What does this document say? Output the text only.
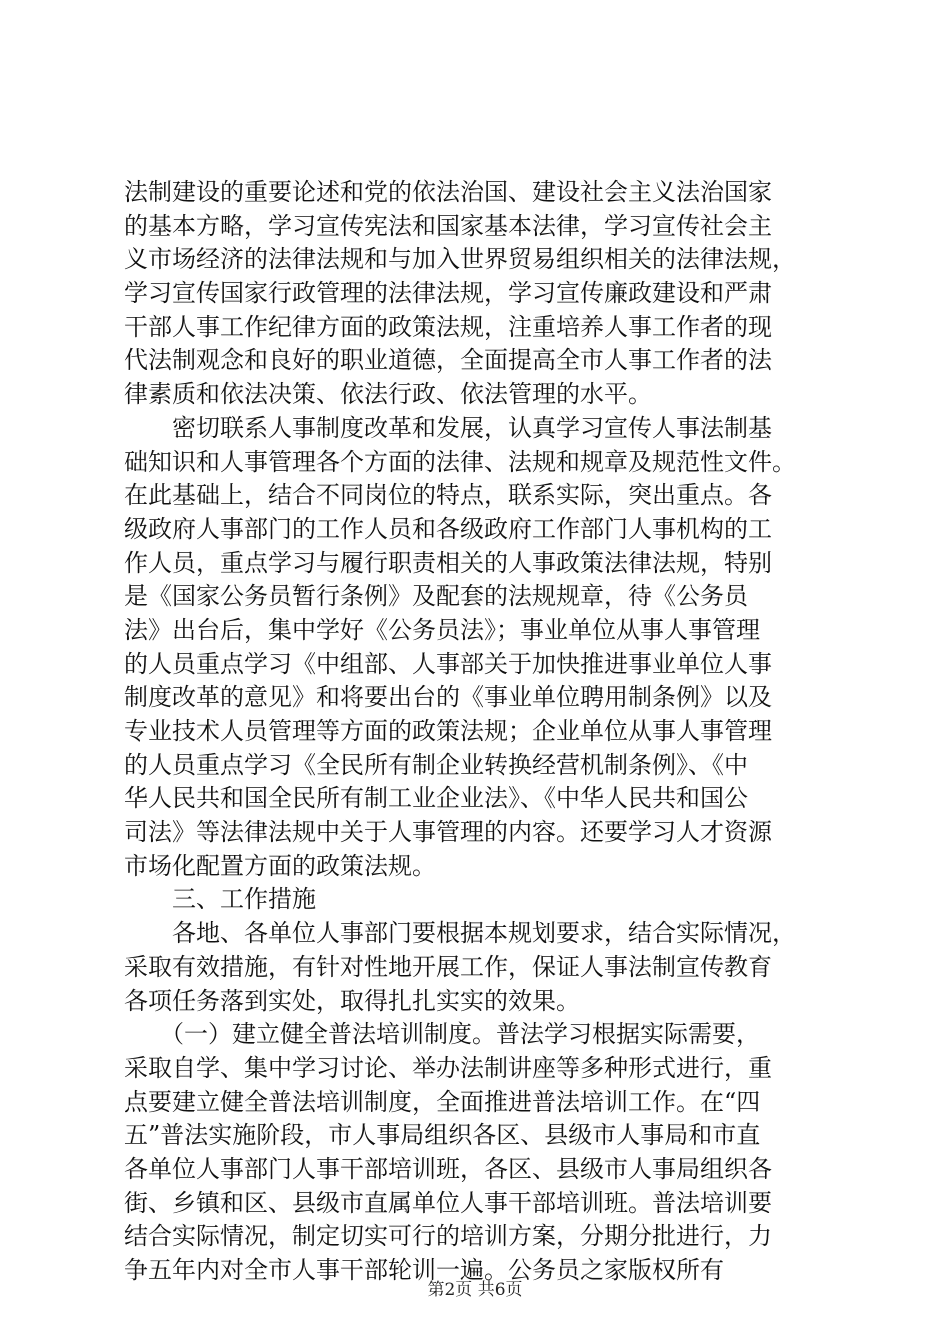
法制建设的重要论述和党的依法治国、建设社会主义法治国家
的基本方略，学习宣传宪法和国家基本法律，学习宣传社会主
义市场经济的法律法规和与加入世界贸易组织相关的法律法规，
学习宣传国家行政管理的法律法规，学习宣传廉政建设和严肃
干部人事工作纪律方面的政策法规，注重培养人事工作者的现
代法制观念和良好的职业道德，全面提高全市人事工作者的法
律素质和依法决策、依法行政、依法管理的水平。
　　密切联系人事制度改革和发展，认真学习宣传人事法制基
础知识和人事管理各个方面的法律、法规和规章及规范性文件。
在此基础上，结合不同岗位的特点，联系实际，突出重点。各
级政府人事部门的工作人员和各级政府工作部门人事机构的工
作人员，重点学习与履行职责相关的人事政策法律法规，特别
是《国家公务员暂行条例》及配套的法规规章，待《公务员
法》出台后，集中学好《公务员法》；事业单位从事人事管理
的人员重点学习《中组部、人事部关于加快推进事业单位人事
制度改革的意见》和将要出台的《事业单位聘用制条例》以及
专业技术人员管理等方面的政策法规；企业单位从事人事管理
的人员重点学习《全民所有制企业转换经营机制条例》、《中
华人民共和国全民所有制工业企业法》、《中华人民共和国公
司法》等法律法规中关于人事管理的内容。还要学习人才资源
市场化配置方面的政策法规。
　　三、工作措施
　　各地、各单位人事部门要根据本规划要求，结合实际情况，
采取有效措施，有针对性地开展工作，保证人事法制宣传教育
各项任务落到实处，取得扎扎实实的效果。
　　（一）建立健全普法培训制度。普法学习根据实际需要，
采取自学、集中学习讨论、举办法制讲座等多种形式进行，重
点要建立健全普法培训制度，全面推进普法培训工作。在“四
五”普法实施阶段，市人事局组织各区、县级市人事局和市直
各单位人事部门人事干部培训班，各区、县级市人事局组织各
街、乡镇和区、县级市直属单位人事干部培训班。普法培训要
结合实际情况，制定切实可行的培训方案，分期分批进行，力
争五年内对全市人事干部轮训一遍。公务员之家版权所有
第2页 共6页
